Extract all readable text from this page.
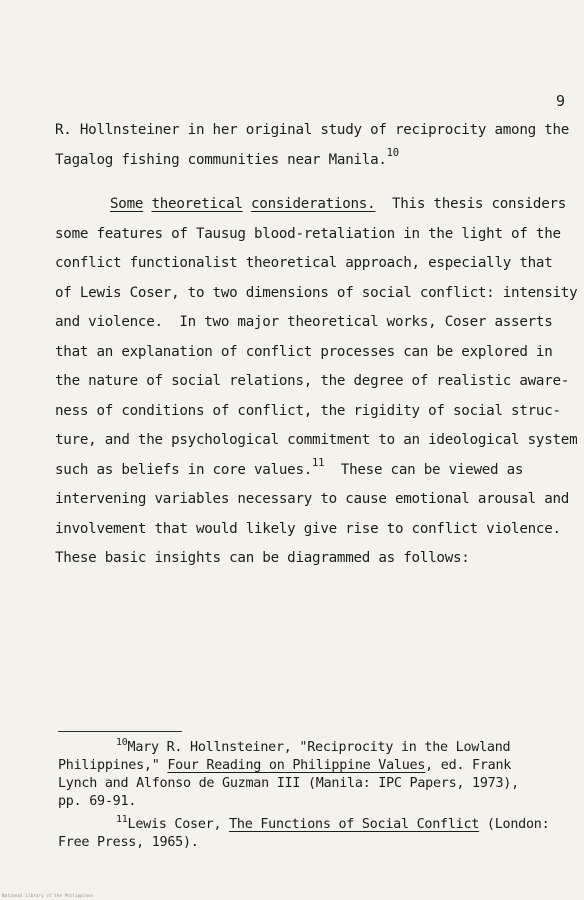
9
R. Hollnsteiner in her original study of reciprocity among the
Tagalog fishing communities near Manila.$^{10}$
Some theoretical considerations.  This thesis considers
some features of Tausug blood-retaliation in the light of the
conflict functionalist theoretical approach, especially that
of Lewis Coser, to two dimensions of social conflict: intensity
and violence.  In two major theoretical works, Coser asserts
that an explanation of conflict processes can be explored in
the nature of social relations, the degree of realistic aware-
ness of conditions of conflict, the rigidity of social struc-
ture, and the psychological commitment to an ideological system
such as beliefs in core values.$^{11}$  These can be viewed as
intervening variables necessary to cause emotional arousal and
involvement that would likely give rise to conflict violence.
These basic insights can be diagrammed as follows:
$^{10}$Mary R. Hollnsteiner, "Reciprocity in the Lowland
Philippines," Four Reading on Philippine Values, ed. Frank
Lynch and Alfonso de Guzman III (Manila: IPC Papers, 1973),
pp. 69-91.
$^{11}$Lewis Coser, The Functions of Social Conflict (London:
Free Press, 1965).
National Library of the Philippines
